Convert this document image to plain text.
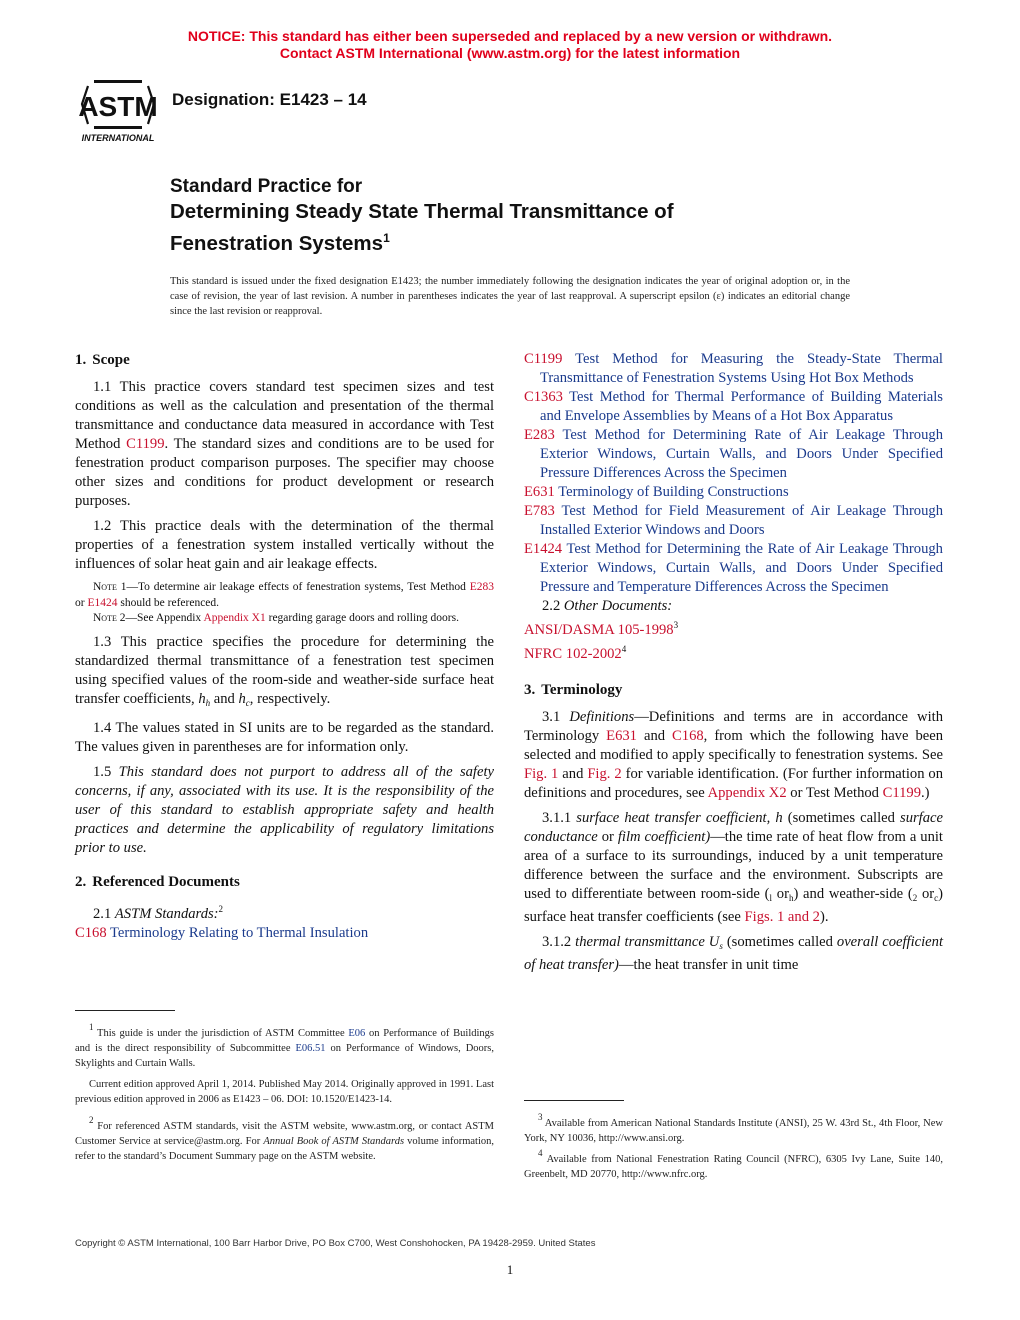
NOTICE: This standard has either been superseded and replaced by a new version or withdrawn.
Contact ASTM International (www.astm.org) for the latest information
ASTM
INTERNATIONAL
Designation: E1423 – 14
Standard Practice for
Determining Steady State Thermal Transmittance of
Fenestration Systems$^1$
This standard is issued under the fixed designation E1423; the number immediately following the designation indicates the year of original adoption or, in the case of revision, the year of last revision. A number in parentheses indicates the year of last reapproval. A superscript epsilon (ε) indicates an editorial change since the last revision or reapproval.
1. Scope

1.1 This practice covers standard test specimen sizes and test conditions as well as the calculation and presentation of the thermal transmittance and conductance data measured in accordance with Test Method C1199. The standard sizes and conditions are to be used for fenestration product comparison purposes. The specifier may choose other sizes and conditions for product development or research purposes.

1.2 This practice deals with the determination of the thermal properties of a fenestration system installed vertically without the influences of solar heat gain and air leakage effects.

Note 1—To determine air leakage effects of fenestration systems, Test Method E283 or E1424 should be referenced.
Note 2—See Appendix Appendix X1 regarding garage doors and rolling doors.

1.3 This practice specifies the procedure for determining the standardized thermal transmittance of a fenestration test specimen using specified values of the room-side and weather-side surface heat transfer coefficients, $h_h$ and $h_c$, respectively.

1.4 The values stated in SI units are to be regarded as the standard. The values given in parentheses are for information only.

1.5 This standard does not purport to address all of the safety concerns, if any, associated with its use. It is the responsibility of the user of this standard to establish appropriate safety and health practices and determine the applicability of regulatory limitations prior to use.

2. Referenced Documents

2.1 ASTM Standards:$^2$

C168 Terminology Relating to Thermal Insulation

C1199 Test Method for Measuring the Steady-State Thermal Transmittance of Fenestration Systems Using Hot Box Methods

C1363 Test Method for Thermal Performance of Building Materials and Envelope Assemblies by Means of a Hot Box Apparatus

E283 Test Method for Determining Rate of Air Leakage Through Exterior Windows, Curtain Walls, and Doors Under Specified Pressure Differences Across the Specimen

E631 Terminology of Building Constructions

E783 Test Method for Field Measurement of Air Leakage Through Installed Exterior Windows and Doors

E1424 Test Method for Determining the Rate of Air Leakage Through Exterior Windows, Curtain Walls, and Doors Under Specified Pressure and Temperature Differences Across the Specimen

2.2 Other Documents:

ANSI/DASMA 105-1998$^3$

NFRC 102-2002$^4$

3. Terminology

3.1 Definitions—Definitions and terms are in accordance with Terminology E631 and C168, from which the following have been selected and modified to apply specifically to fenestration systems. See Fig. 1 and Fig. 2 for variable identification. (For further information on definitions and procedures, see Appendix X2 or Test Method C1199.)

3.1.1 surface heat transfer coefficient, h (sometimes called surface conductance or film coefficient)—the time rate of heat flow from a unit area of a surface to its surroundings, induced by a unit temperature difference between the surface and the environment. Subscripts are used to differentiate between room-side ($_l$ $or_h$) and weather-side ($_2$ $or_c$) surface heat transfer coefficients (see Figs. 1 and 2).

3.1.2 thermal transmittance $U_s$ (sometimes called overall coefficient of heat transfer)—the heat transfer in unit time

1 This guide is under the jurisdiction of ASTM Committee E06 on Performance of Buildings and is the direct responsibility of Subcommittee E06.51 on Performance of Windows, Doors, Skylights and Curtain Walls.

Current edition approved April 1, 2014. Published May 2014. Originally approved in 1991. Last previous edition approved in 2006 as E1423 – 06. DOI: 10.1520/E1423-14.

2 For referenced ASTM standards, visit the ASTM website, www.astm.org, or contact ASTM Customer Service at service@astm.org. For Annual Book of ASTM Standards volume information, refer to the standard’s Document Summary page on the ASTM website.

3 Available from American National Standards Institute (ANSI), 25 W. 43rd St., 4th Floor, New York, NY 10036, http://www.ansi.org.

4 Available from National Fenestration Rating Council (NFRC), 6305 Ivy Lane, Suite 140, Greenbelt, MD 20770, http://www.nfrc.org.

Copyright © ASTM International, 100 Barr Harbor Drive, PO Box C700, West Conshohocken, PA 19428-2959. United States
1
